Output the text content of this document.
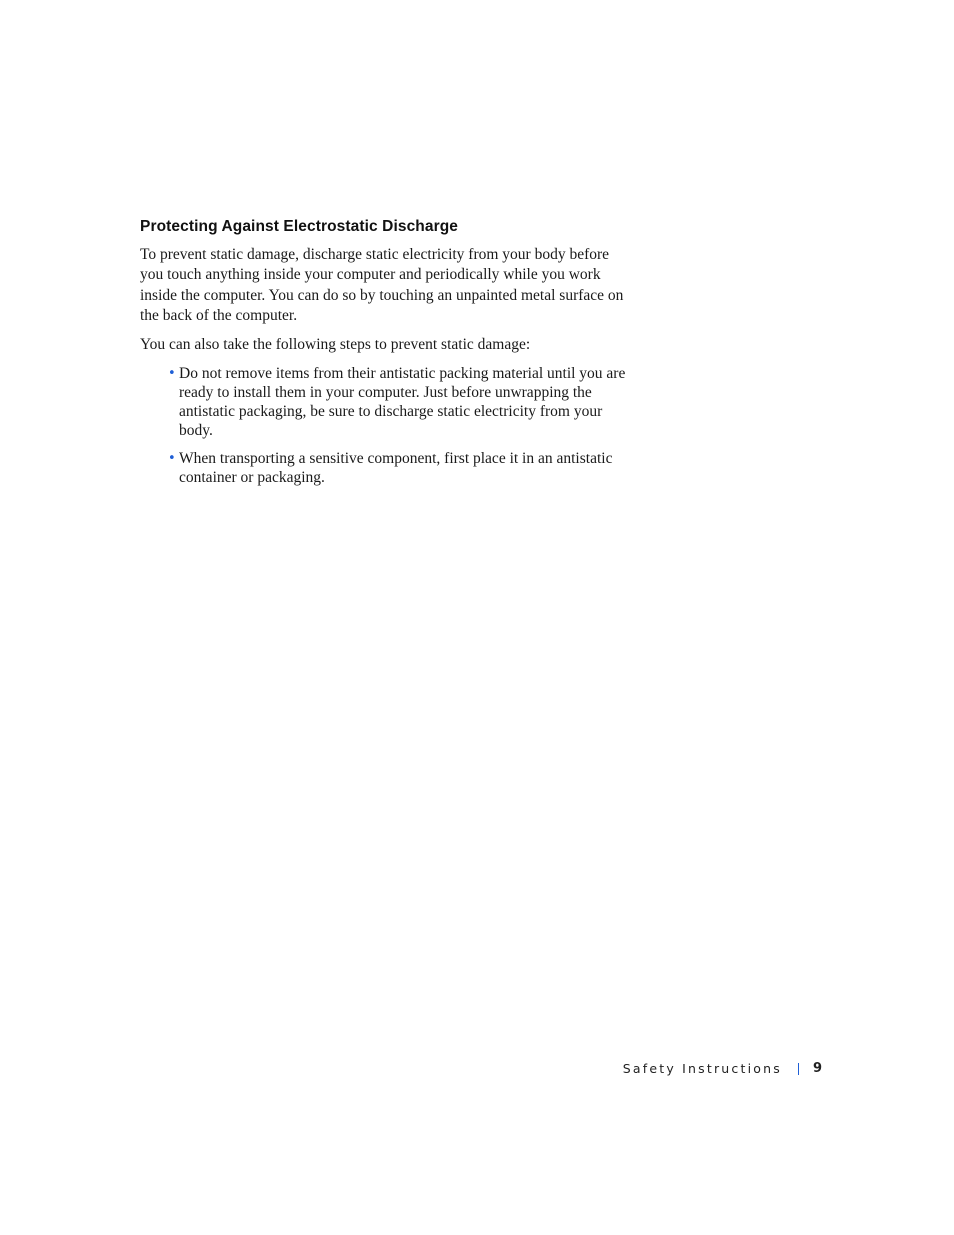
Protecting Against Electrostatic Discharge

To prevent static damage, discharge static electricity from your body before you touch anything inside your computer and periodically while you work inside the computer. You can do so by touching an unpainted metal surface on the back of the computer.

You can also take the following steps to prevent static damage:

• Do not remove items from their antistatic packing material until you are ready to install them in your computer. Just before unwrapping the antistatic packaging, be sure to discharge static electricity from your body.
• When transporting a sensitive component, first place it in an antistatic container or packaging.
Safety Instructions 9
